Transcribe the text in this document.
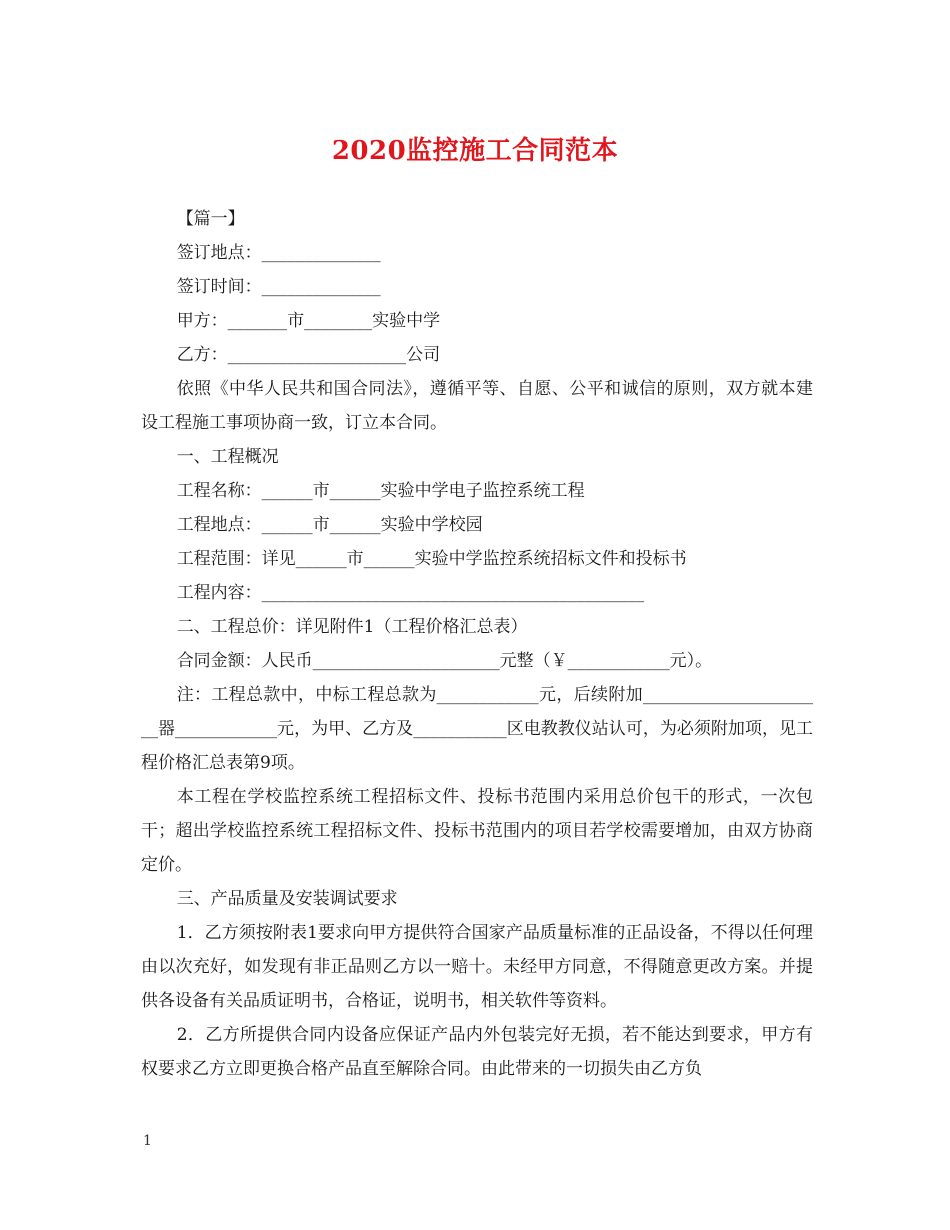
2020监控施工合同范本

【篇一】

签订地点：______________

签订时间：______________

甲方：_______市________实验中学

乙方：_____________________公司

依照《中华人民共和国合同法》，遵循平等、自愿、公平和诚信的原则，双方就本建设工程施工事项协商一致，订立本合同。

一、工程概况

工程名称：______市______实验中学电子监控系统工程

工程地点：______市______实验中学校园

工程范围：详见______市______实验中学监控系统招标文件和投标书

工程内容：_____________________________________________

二、工程总价：详见附件1（工程价格汇总表）

合同金额：人民币______________________元整（￥____________元）。

注：工程总款中，中标工程总款为____________元，后续附加______________________器____________元，为甲、乙方及___________区电教教仪站认可，为必须附加项，见工程价格汇总表第9项。

本工程在学校监控系统工程招标文件、投标书范围内采用总价包干的形式，一次包干；超出学校监控系统工程招标文件、投标书范围内的项目若学校需要增加，由双方协商定价。

三、产品质量及安装调试要求

1．乙方须按附表1要求向甲方提供符合国家产品质量标准的正品设备，不得以任何理由以次充好，如发现有非正品则乙方以一赔十。未经甲方同意，不得随意更改方案。并提供各设备有关品质证明书，合格证，说明书，相关软件等资料。

2．乙方所提供合同内设备应保证产品内外包装完好无损，若不能达到要求，甲方有权要求乙方立即更换合格产品直至解除合同。由此带来的一切损失由乙方负

1
